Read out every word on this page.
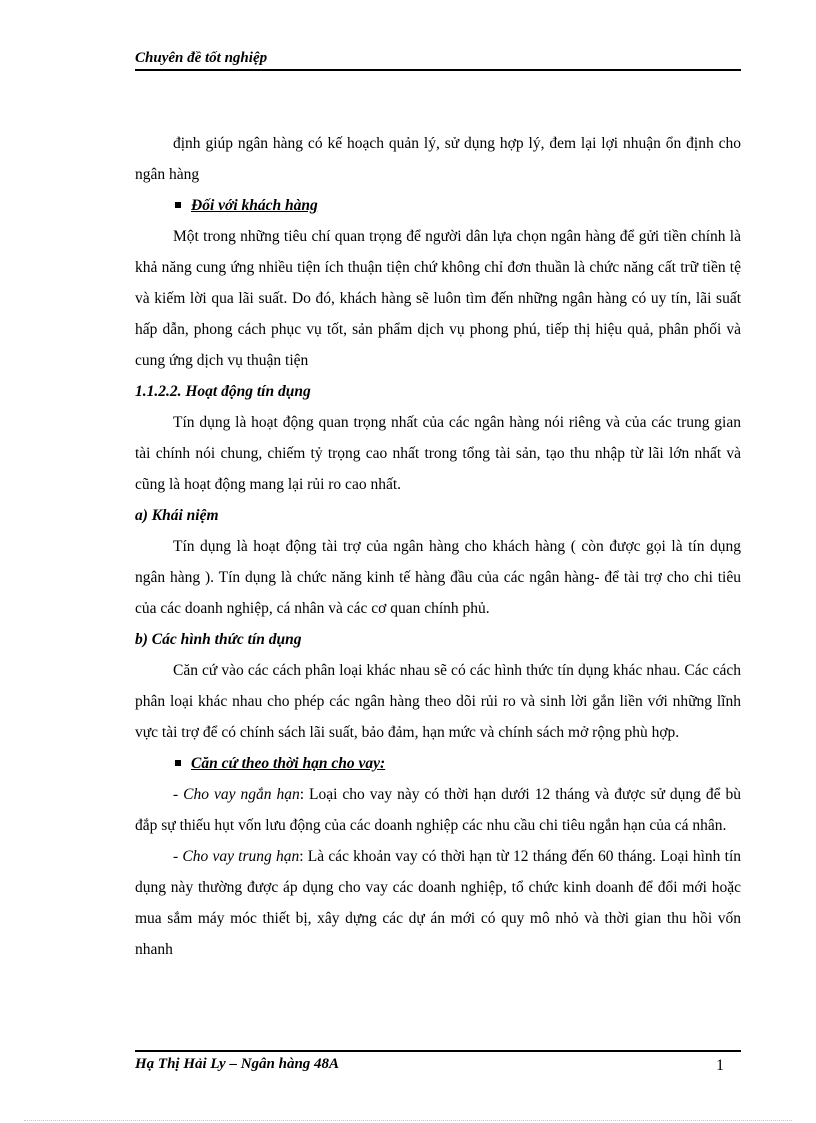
Chuyên đề tốt nghiệp

định giúp ngân hàng có kế hoạch quản lý, sử dụng hợp lý, đem lại lợi nhuận ổn định cho ngân hàng

Đối với khách hàng

Một trong những tiêu chí quan trọng để người dân lựa chọn ngân hàng để gửi tiền chính là khả năng cung ứng nhiều tiện ích thuận tiện chứ không chỉ đơn thuần là chức năng cất trữ tiền tệ và kiếm lời qua lãi suất. Do đó, khách hàng sẽ luôn tìm đến những ngân hàng có uy tín, lãi suất hấp dẫn, phong cách phục vụ tốt, sản phẩm dịch vụ phong phú, tiếp thị hiệu quả, phân phối và cung ứng dịch vụ thuận tiện

1.1.2.2. Hoạt động tín dụng

Tín dụng là hoạt động quan trọng nhất của các ngân hàng nói riêng và của các trung gian tài chính nói chung, chiếm tỷ trọng cao nhất trong tổng tài sản, tạo thu nhập từ lãi lớn nhất và cũng là hoạt động mang lại rủi ro cao nhất.

a) Khái niệm

Tín dụng là hoạt động tài trợ của ngân hàng cho khách hàng ( còn được gọi là tín dụng ngân hàng ). Tín dụng là chức năng kinh tế hàng đầu của các ngân hàng- để tài trợ cho chi tiêu của các doanh nghiệp, cá nhân và các cơ quan chính phủ.

b) Các hình thức tín dụng

Căn cứ vào các cách phân loại khác nhau sẽ có các hình thức tín dụng khác nhau. Các cách phân loại khác nhau cho phép các ngân hàng theo dõi rủi ro và sinh lời gắn liền với những lĩnh vực tài trợ để có chính sách lãi suất, bảo đảm, hạn mức và chính sách mở rộng phù hợp.

Căn cứ theo thời hạn cho vay:

- Cho vay ngắn hạn: Loại cho vay này có thời hạn dưới 12 tháng và được sử dụng để bù đắp sự thiếu hụt vốn lưu động của các doanh nghiệp các nhu cầu chi tiêu ngắn hạn của cá nhân.

- Cho vay trung hạn: Là các khoản vay có thời hạn từ 12 tháng đến 60 tháng. Loại hình tín dụng này thường được áp dụng cho vay các doanh nghiệp, tổ chức kinh doanh để đổi mới hoặc mua sắm máy móc thiết bị, xây dựng các dự án mới có quy mô nhỏ và thời gian thu hồi vốn nhanh

Hạ Thị Hải Ly – Ngân hàng 48A	1
